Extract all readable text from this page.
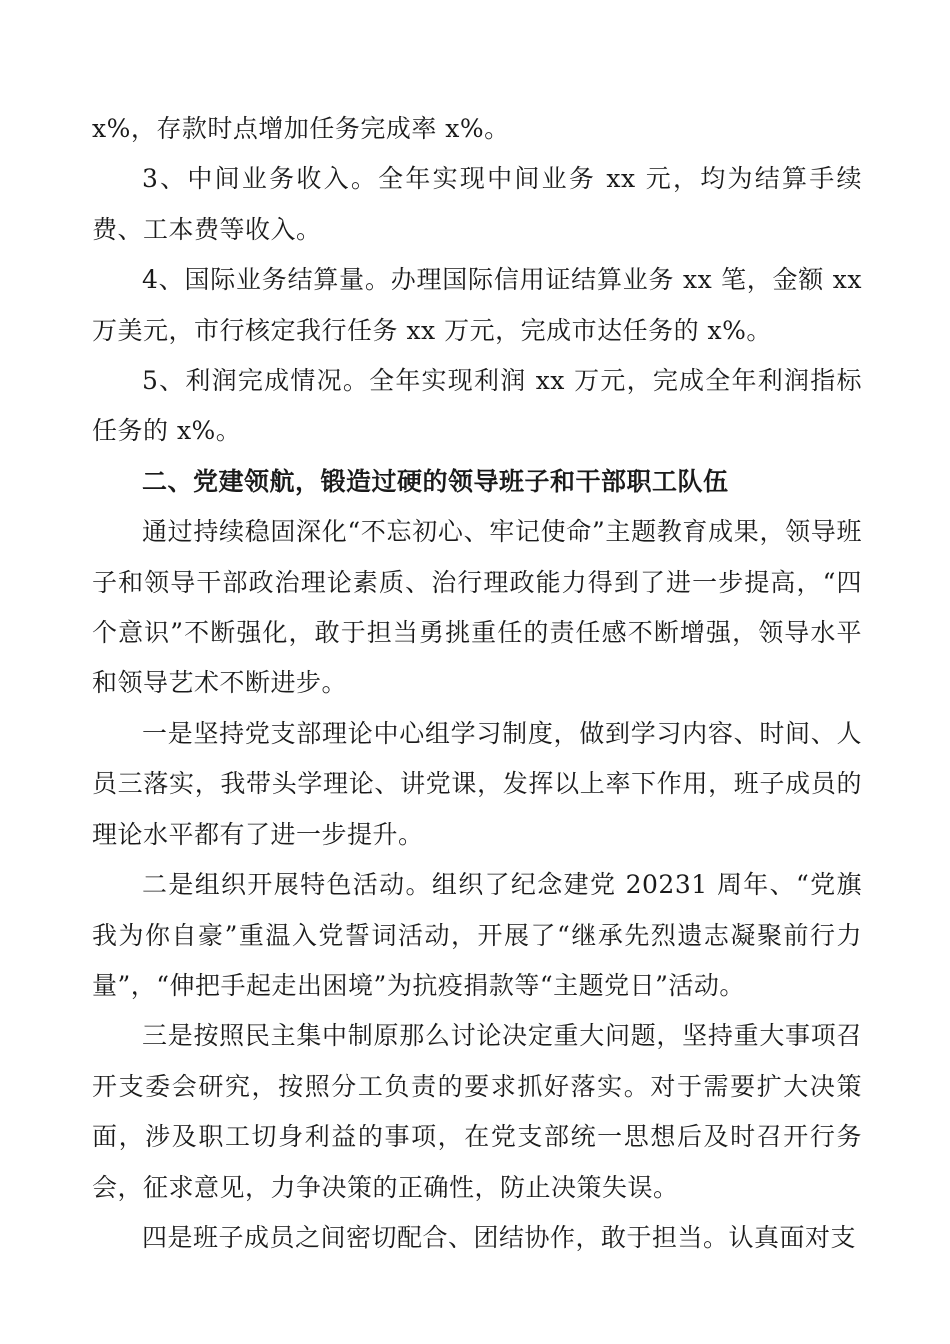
x%，存款时点增加任务完成率 x%。

3、中间业务收入。全年实现中间业务 xx 元，均为结算手续费、工本费等收入。

4、国际业务结算量。办理国际信用证结算业务 xx 笔，金额 xx 万美元，市行核定我行任务 xx 万元，完成市达任务的 x%。

5、利润完成情况。全年实现利润 xx 万元，完成全年利润指标任务的 x%。

二、党建领航，锻造过硬的领导班子和干部职工队伍

通过持续稳固深化“不忘初心、牢记使命”主题教育成果，领导班子和领导干部政治理论素质、治行理政能力得到了进一步提高，“四个意识”不断强化，敢于担当勇挑重任的责任感不断增强，领导水平和领导艺术不断进步。

一是坚持党支部理论中心组学习制度，做到学习内容、时间、人员三落实，我带头学理论、讲党课，发挥以上率下作用，班子成员的理论水平都有了进一步提升。

二是组织开展特色活动。组织了纪念建党 20231 周年、“党旗我为你自豪”重温入党誓词活动，开展了“继承先烈遗志凝聚前行力量”，“伸把手起走出困境”为抗疫捐款等“主题党日”活动。

三是按照民主集中制原那么讨论决定重大问题，坚持重大事项召开支委会研究，按照分工负责的要求抓好落实。对于需要扩大决策面，涉及职工切身利益的事项，在党支部统一思想后及时召开行务会，征求意见，力争决策的正确性，防止决策失误。

四是班子成员之间密切配合、团结协作，敢于担当。认真面对支
